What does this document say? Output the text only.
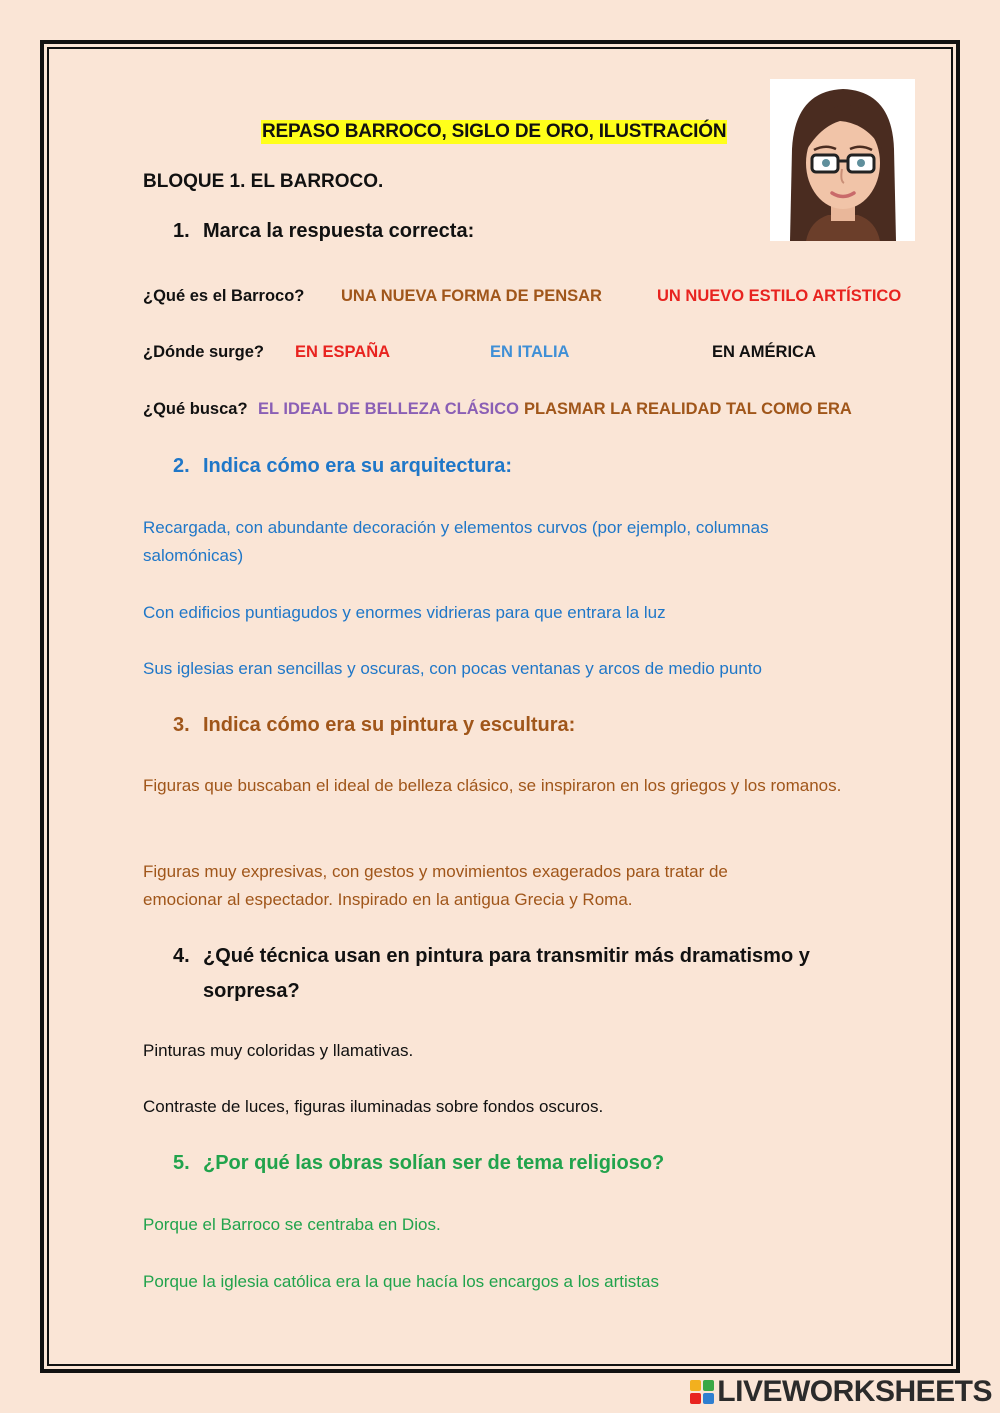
REPASO BARROCO, SIGLO DE ORO, ILUSTRACIÓN
BLOQUE 1. EL BARROCO.
1. Marca la respuesta correcta:
¿Qué es el Barroco? UNA NUEVA FORMA DE PENSAR	UN NUEVO ESTILO ARTÍSTICO
¿Dónde surge? EN ESPAÑA	EN ITALIA	EN AMÉRICA
¿Qué busca? EL IDEAL DE BELLEZA CLÁSICO PLASMAR LA REALIDAD TAL COMO ERA
2. Indica cómo era su arquitectura:
Recargada, con abundante decoración y elementos curvos (por ejemplo, columnas salomónicas)
Con edificios puntiagudos y enormes vidrieras para que entrara la luz
Sus iglesias eran sencillas y oscuras, con pocas ventanas y arcos de medio punto
3. Indica cómo era su pintura y escultura:
Figuras que buscaban el ideal de belleza clásico, se inspiraron en los griegos y los romanos.
Figuras muy expresivas, con gestos y movimientos exagerados para tratar de emocionar al espectador. Inspirado en la antigua Grecia y Roma.
4. ¿Qué técnica usan en pintura para transmitir más dramatismo y
sorpresa?
Pinturas muy coloridas y llamativas.
Contraste de luces, figuras iluminadas sobre fondos oscuros.
5. ¿Por qué las obras solían ser de tema religioso?
Porque el Barroco se centraba en Dios.
Porque la iglesia católica era la que hacía los encargos a los artistas
LIVEWORKSHEETS
